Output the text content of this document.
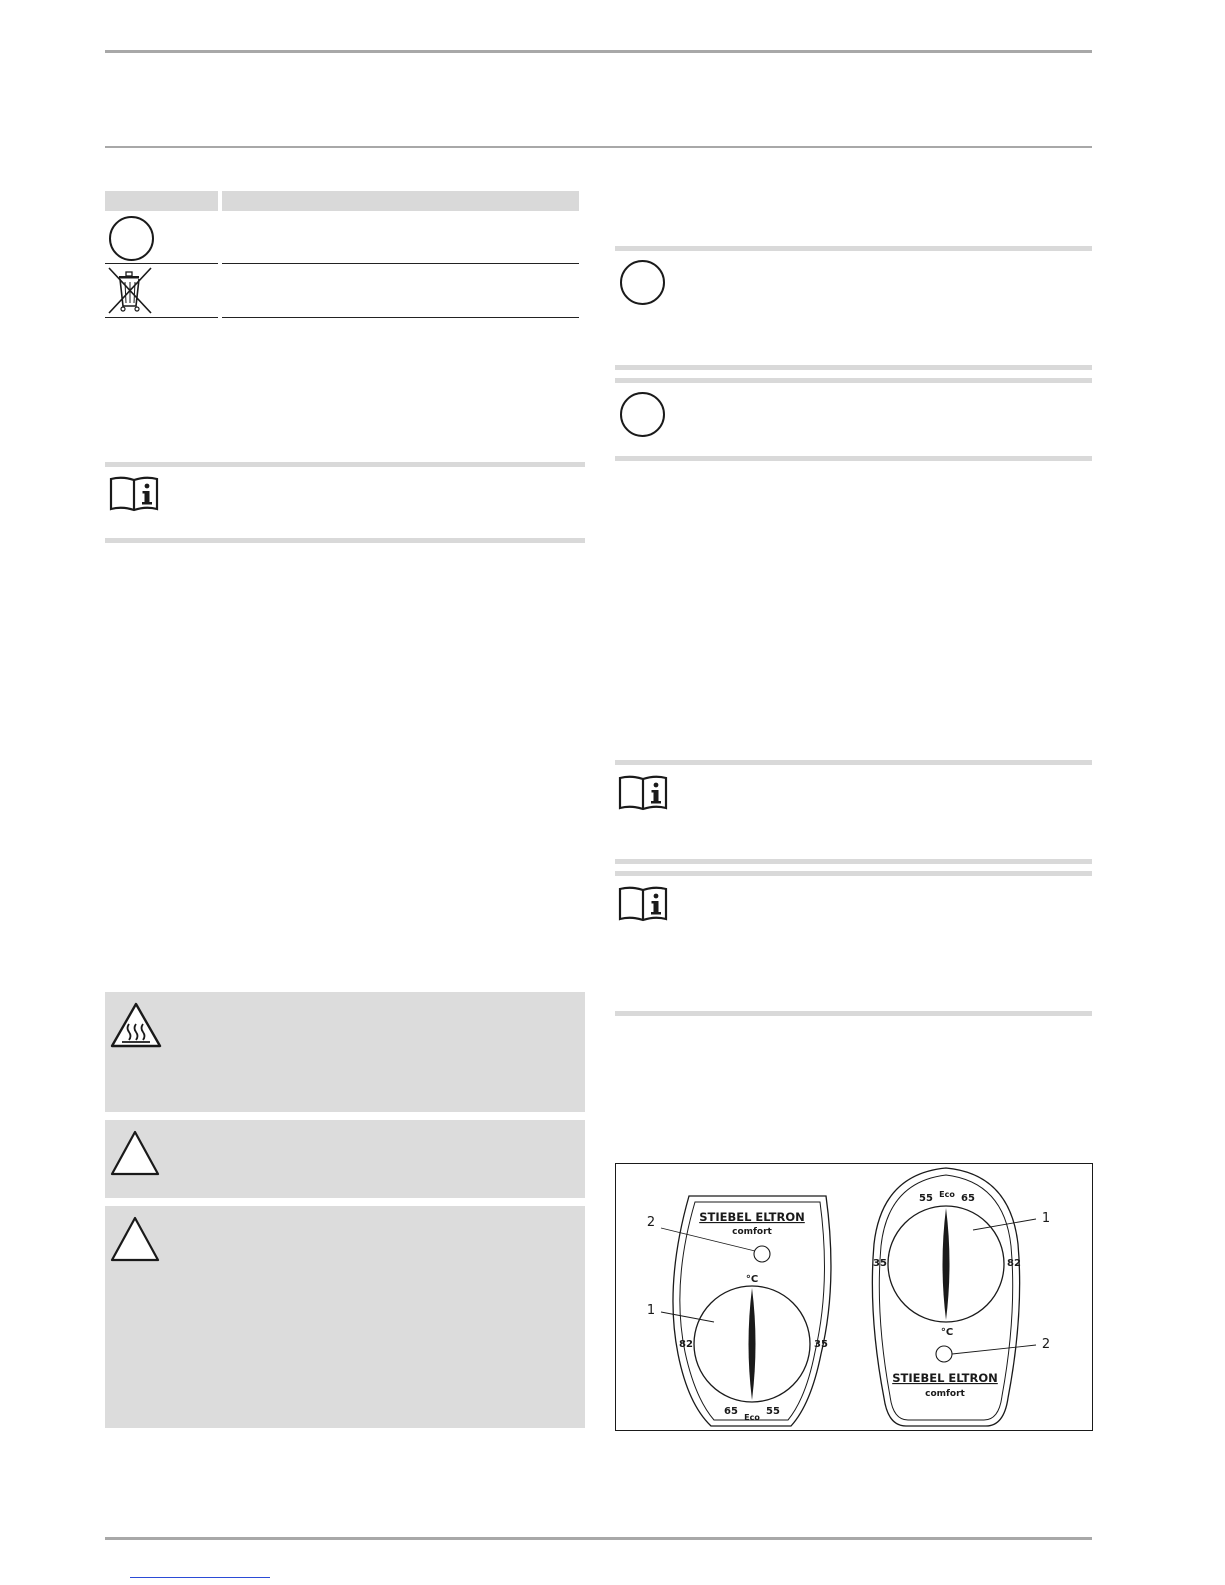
STIEBEL ELTRON
comfort
°C
82	35
65
Eco
55
2
1
55 Eco 65
35	82
°C
STIEBEL ELTRON
comfort
1
2
